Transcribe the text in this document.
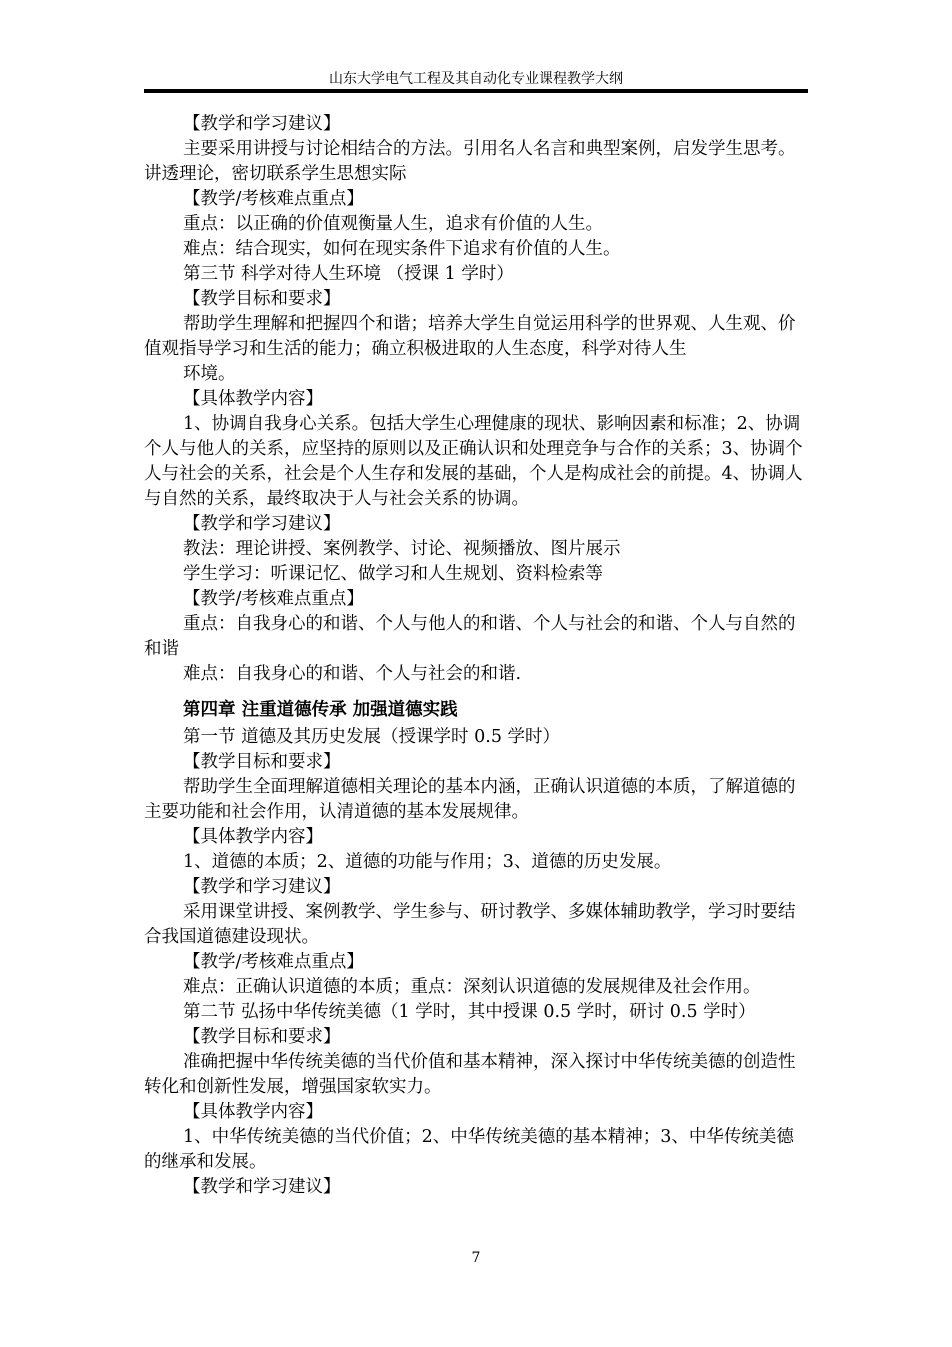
山东大学电气工程及其自动化专业课程教学大纲

【教学和学习建议】

主要采用讲授与讨论相结合的方法。引用名人名言和典型案例，启发学生思考。讲透理论，密切联系学生思想实际

【教学/考核难点重点】

重点：以正确的价值观衡量人生，追求有价值的人生。

难点：结合现实，如何在现实条件下追求有价值的人生。

第三节 科学对待人生环境 （授课 1 学时）

【教学目标和要求】

帮助学生理解和把握四个和谐；培养大学生自觉运用科学的世界观、人生观、价值观指导学习和生活的能力；确立积极进取的人生态度，科学对待人生

环境。

【具体教学内容】

1、协调自我身心关系。包括大学生心理健康的现状、影响因素和标准；2、协调个人与他人的关系，应坚持的原则以及正确认识和处理竞争与合作的关系；3、协调个人与社会的关系，社会是个人生存和发展的基础，个人是构成社会的前提。4、协调人与自然的关系，最终取决于人与社会关系的协调。

【教学和学习建议】

教法：理论讲授、案例教学、讨论、视频播放、图片展示

学生学习：听课记忆、做学习和人生规划、资料检索等

【教学/考核难点重点】

重点：自我身心的和谐、个人与他人的和谐、个人与社会的和谐、个人与自然的和谐

难点：自我身心的和谐、个人与社会的和谐.

第四章 注重道德传承 加强道德实践

第一节 道德及其历史发展（授课学时 0.5 学时）

【教学目标和要求】

帮助学生全面理解道德相关理论的基本内涵，正确认识道德的本质，了解道德的主要功能和社会作用，认清道德的基本发展规律。

【具体教学内容】

1、道德的本质；2、道德的功能与作用；3、道德的历史发展。

【教学和学习建议】

采用课堂讲授、案例教学、学生参与、研讨教学、多媒体辅助教学，学习时要结合我国道德建设现状。

【教学/考核难点重点】

难点：正确认识道德的本质；重点：深刻认识道德的发展规律及社会作用。

第二节 弘扬中华传统美德（1 学时，其中授课 0.5 学时，研讨 0.5 学时）

【教学目标和要求】

准确把握中华传统美德的当代价值和基本精神，深入探讨中华传统美德的创造性转化和创新性发展，增强国家软实力。

【具体教学内容】

1、中华传统美德的当代价值；2、中华传统美德的基本精神；3、中华传统美德的继承和发展。

【教学和学习建议】

7
